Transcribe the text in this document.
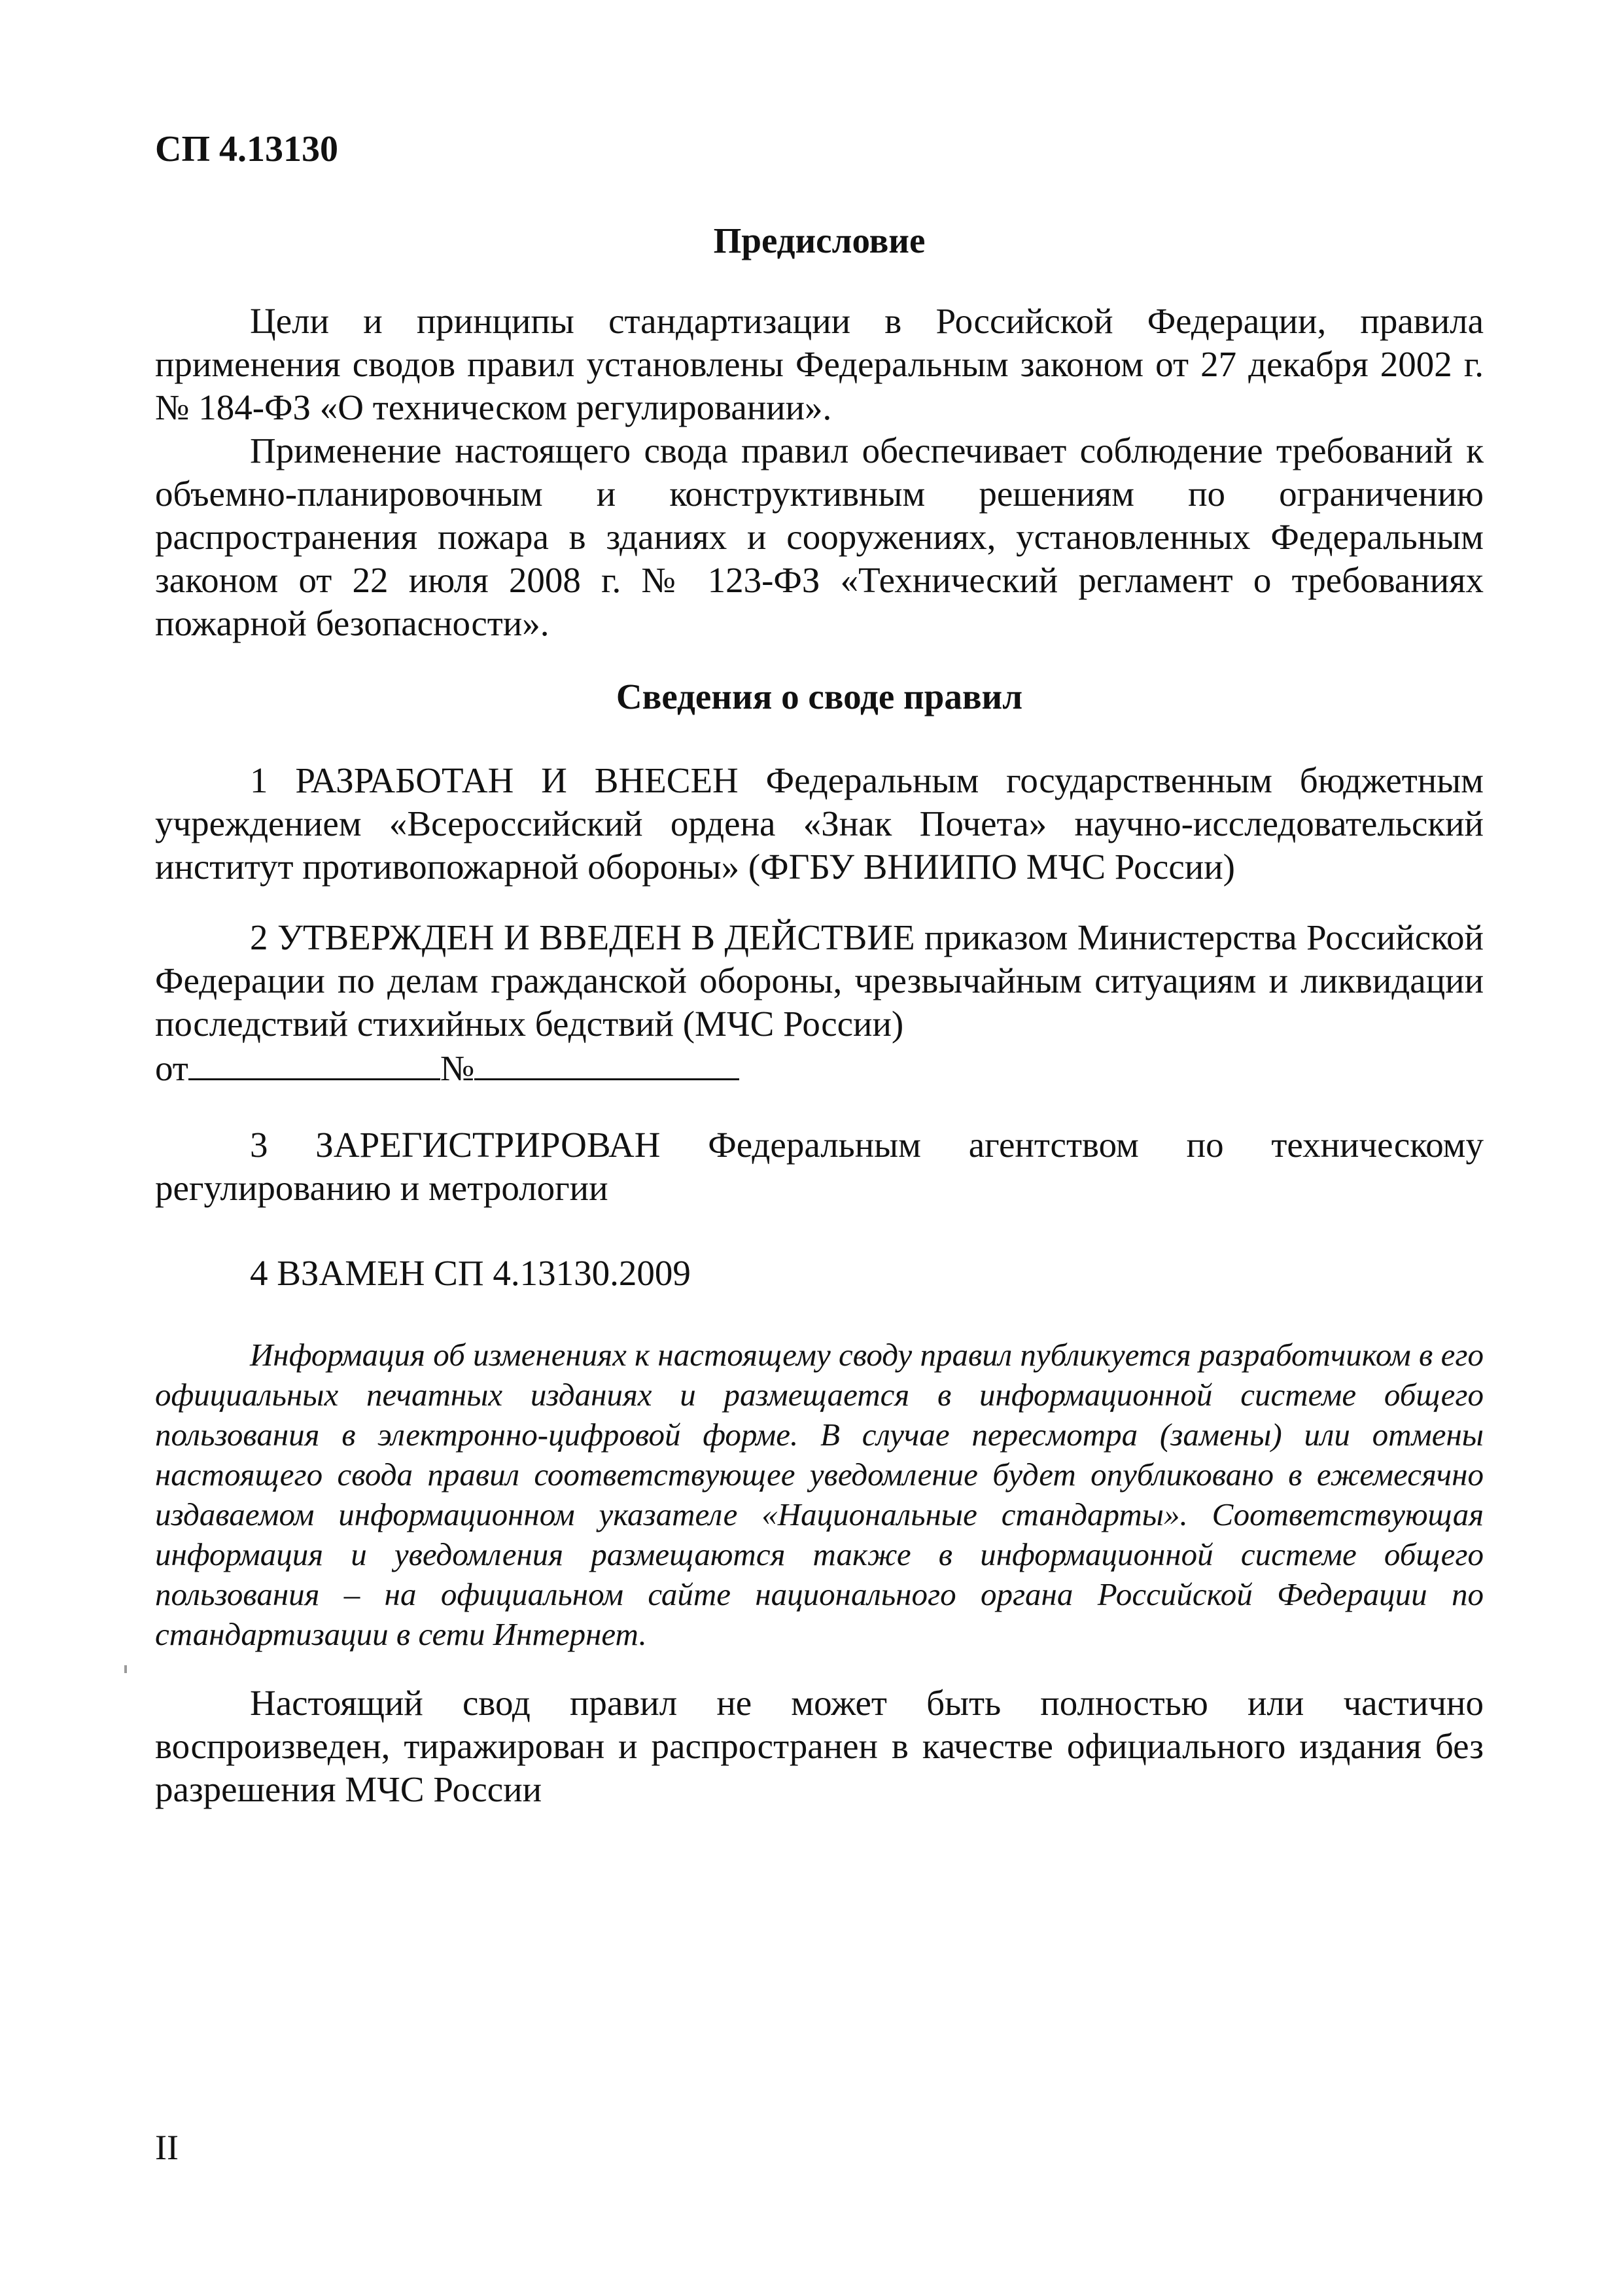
СП 4.13130
Предисловие

Цели и принципы стандартизации в Российской Федерации, правила применения сводов правил установлены Федеральным законом от 27 декабря 2002 г. № 184-ФЗ «О техническом регулировании».

Применение настоящего свода правил обеспечивает соблюдение требований к объемно-планировочным и конструктивным решениям по ограничению распространения пожара в зданиях и сооружениях, установленных Федеральным законом от 22 июля 2008 г. № 123-ФЗ «Технический регламент о требованиях пожарной безопасности».

Сведения о своде правил

1 РАЗРАБОТАН И ВНЕСЕН Федеральным государственным бюджетным учреждением «Всероссийский ордена «Знак Почета» научно-исследовательский институт противопожарной обороны» (ФГБУ ВНИИПО МЧС России)

2 УТВЕРЖДЕН И ВВЕДЕН В ДЕЙСТВИЕ приказом Министерства Российской Федерации по делам гражданской обороны, чрезвычайным ситуациям и ликвидации последствий стихийных бедствий (МЧС России)

от	№

3 ЗАРЕГИСТРИРОВАН Федеральным агентством по техническому регулированию и метрологии

4 ВЗАМЕН СП 4.13130.2009

Информация об изменениях к настоящему своду правил публикуется разработчиком в его официальных печатных изданиях и размещается в информационной системе общего пользования в электронно-цифровой форме. В случае пересмотра (замены) или отмены настоящего свода правил соответствующее уведомление будет опубликовано в ежемесячно издаваемом информационном указателе «Национальные стандарты». Соответствующая информация и уведомления размещаются также в информационной системе общего пользования – на официальном сайте национального органа Российской Федерации по стандартизации в сети Интернет.

Настоящий свод правил не может быть полностью или частично воспроизведен, тиражирован и распространен в качестве официального издания без разрешения МЧС России

II
